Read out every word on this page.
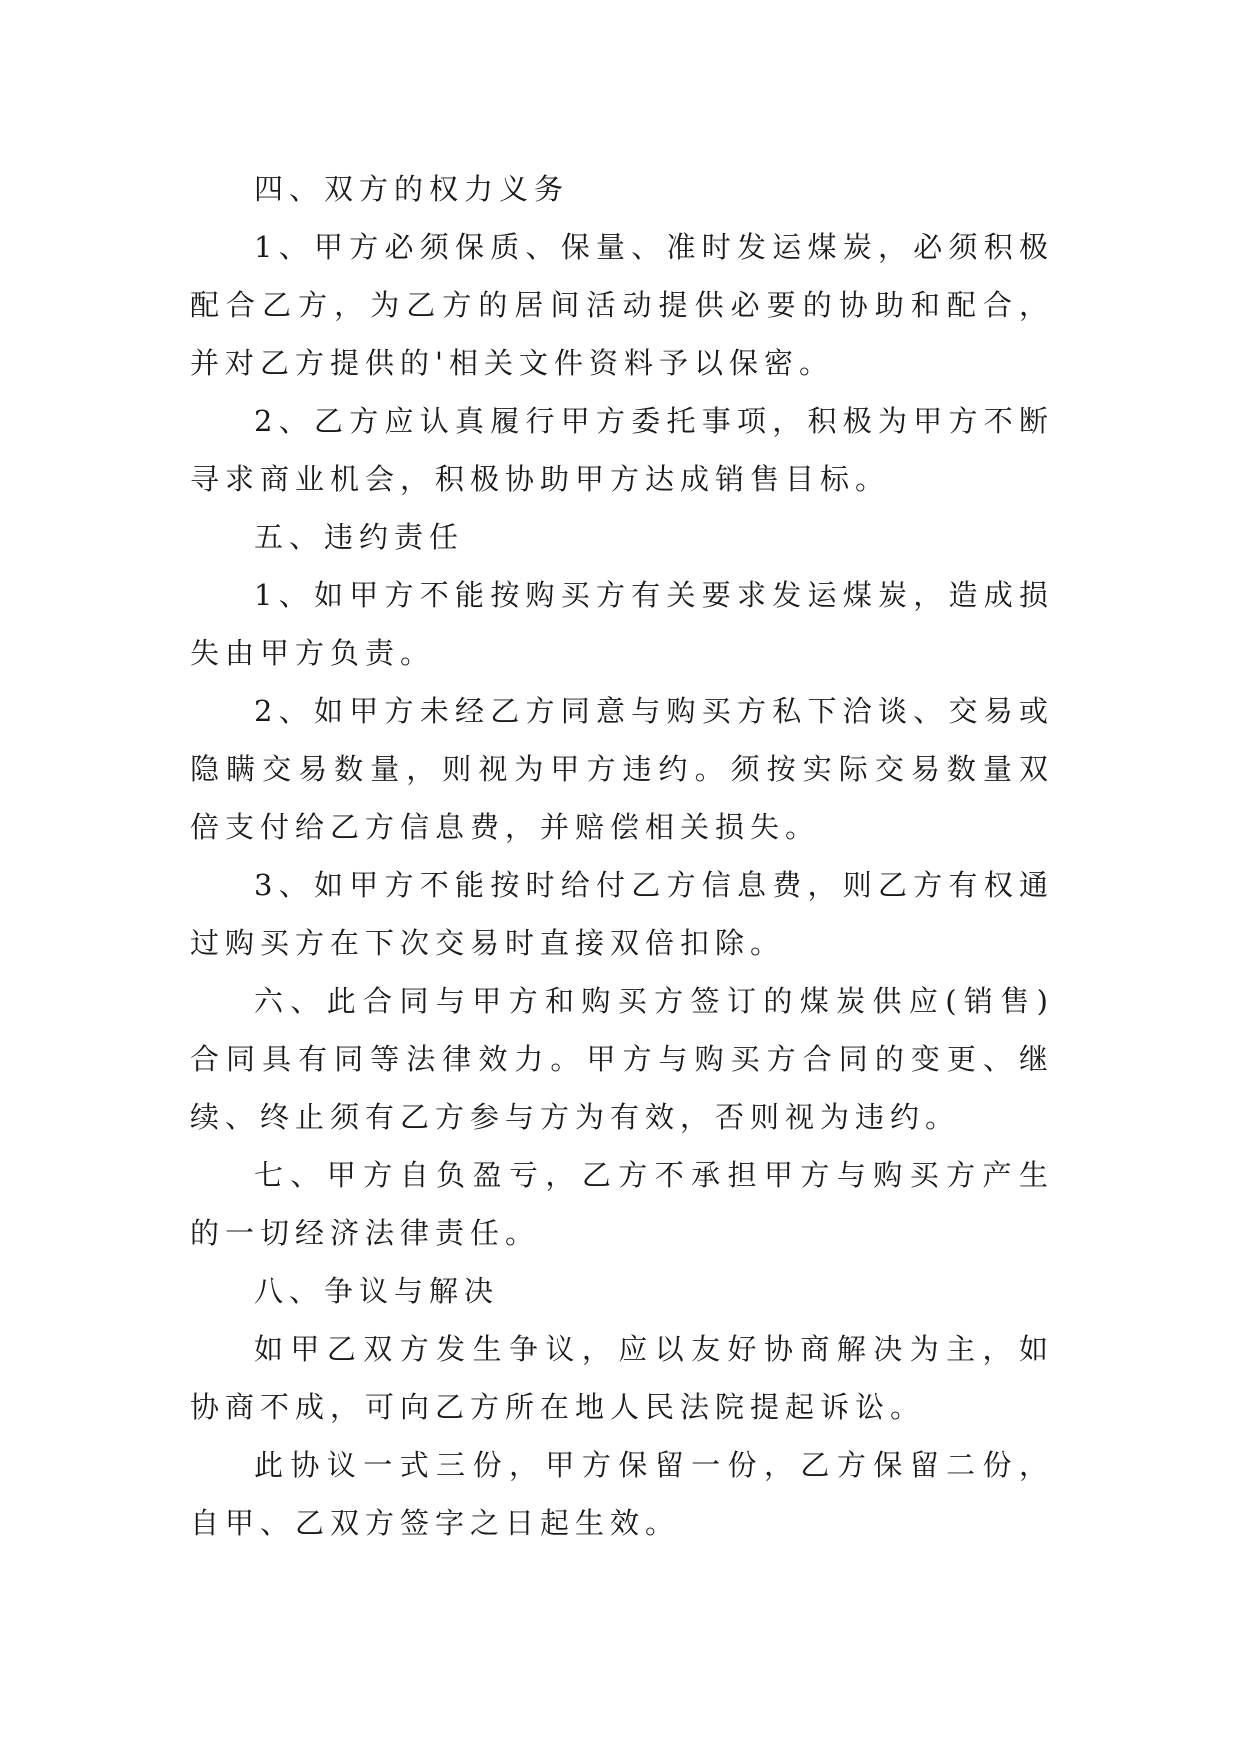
四、双方的权力义务

1、甲方必须保质、保量、准时发运煤炭，必须积极配合乙方，为乙方的居间活动提供必要的协助和配合，并对乙方提供的'相关文件资料予以保密。

2、乙方应认真履行甲方委托事项，积极为甲方不断寻求商业机会，积极协助甲方达成销售目标。

五、违约责任

1、如甲方不能按购买方有关要求发运煤炭，造成损失由甲方负责。

2、如甲方未经乙方同意与购买方私下洽谈、交易或隐瞒交易数量，则视为甲方违约。须按实际交易数量双倍支付给乙方信息费，并赔偿相关损失。

3、如甲方不能按时给付乙方信息费，则乙方有权通过购买方在下次交易时直接双倍扣除。

六、此合同与甲方和购买方签订的煤炭供应(销售)合同具有同等法律效力。甲方与购买方合同的变更、继续、终止须有乙方参与方为有效，否则视为违约。

七、甲方自负盈亏，乙方不承担甲方与购买方产生的一切经济法律责任。

八、争议与解决

如甲乙双方发生争议，应以友好协商解决为主，如协商不成，可向乙方所在地人民法院提起诉讼。

此协议一式三份，甲方保留一份，乙方保留二份，自甲、乙双方签字之日起生效。
